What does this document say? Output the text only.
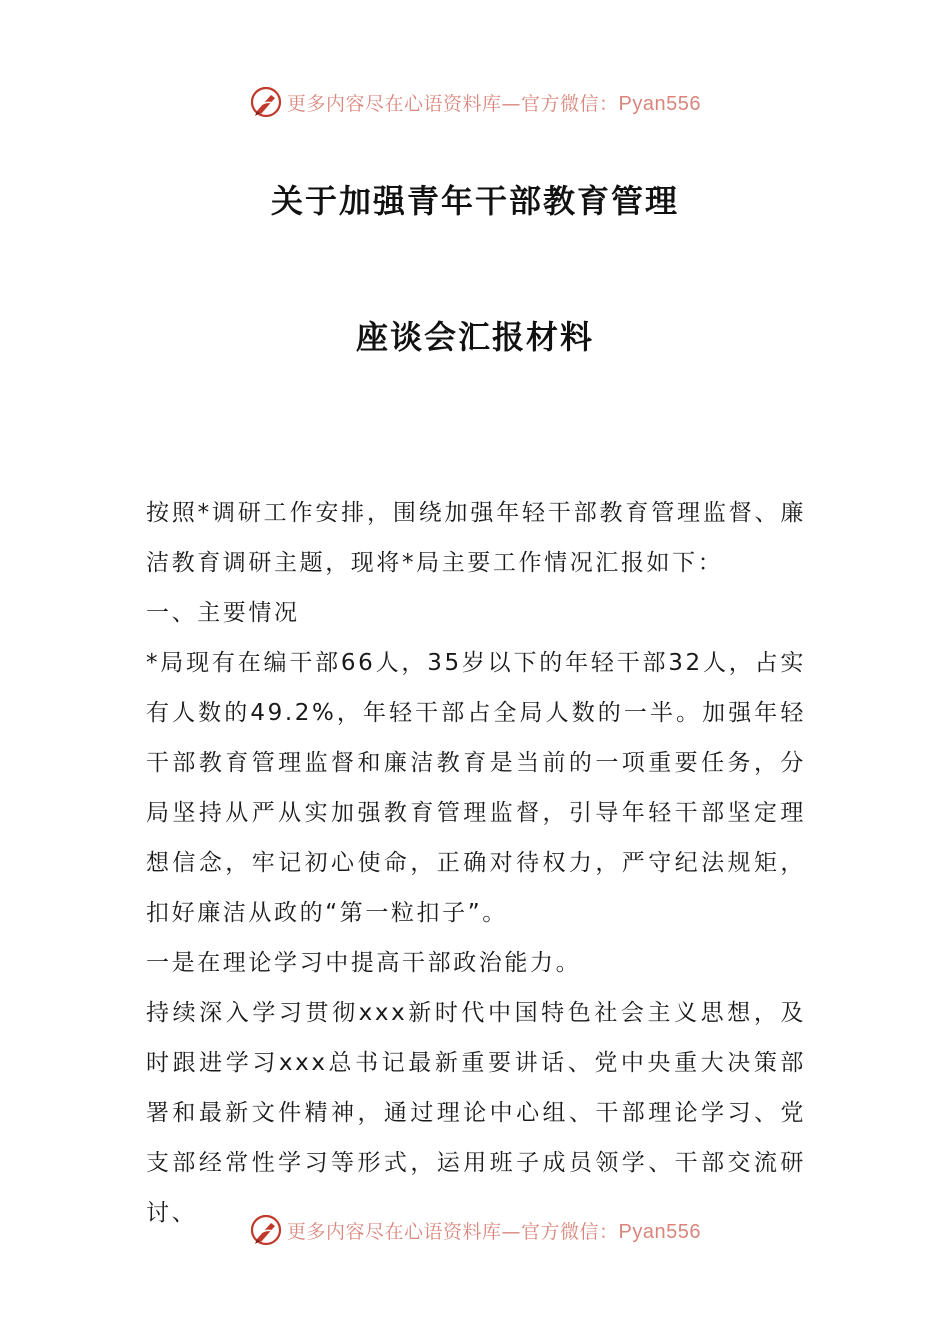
更多内容尽在心语资料库—官方微信：Pyan556
关于加强青年干部教育管理
座谈会汇报材料

按照*调研工作安排，围绕加强年轻干部教育管理监督、廉洁教育调研主题，现将*局主要工作情况汇报如下：

一、主要情况

*局现有在编干部66人，35岁以下的年轻干部32人，占实有人数的49.2%，年轻干部占全局人数的一半。加强年轻干部教育管理监督和廉洁教育是当前的一项重要任务，分局坚持从严从实加强教育管理监督，引导年轻干部坚定理想信念，牢记初心使命，正确对待权力，严守纪法规矩，扣好廉洁从政的“第一粒扣子”。

一是在理论学习中提高干部政治能力。

持续深入学习贯彻xxx新时代中国特色社会主义思想，及时跟进学习xxx总书记最新重要讲话、党中央重大决策部署和最新文件精神，通过理论中心组、干部理论学习、党支部经常性学习等形式，运用班子成员领学、干部交流研讨、

更多内容尽在心语资料库—官方微信：Pyan556
